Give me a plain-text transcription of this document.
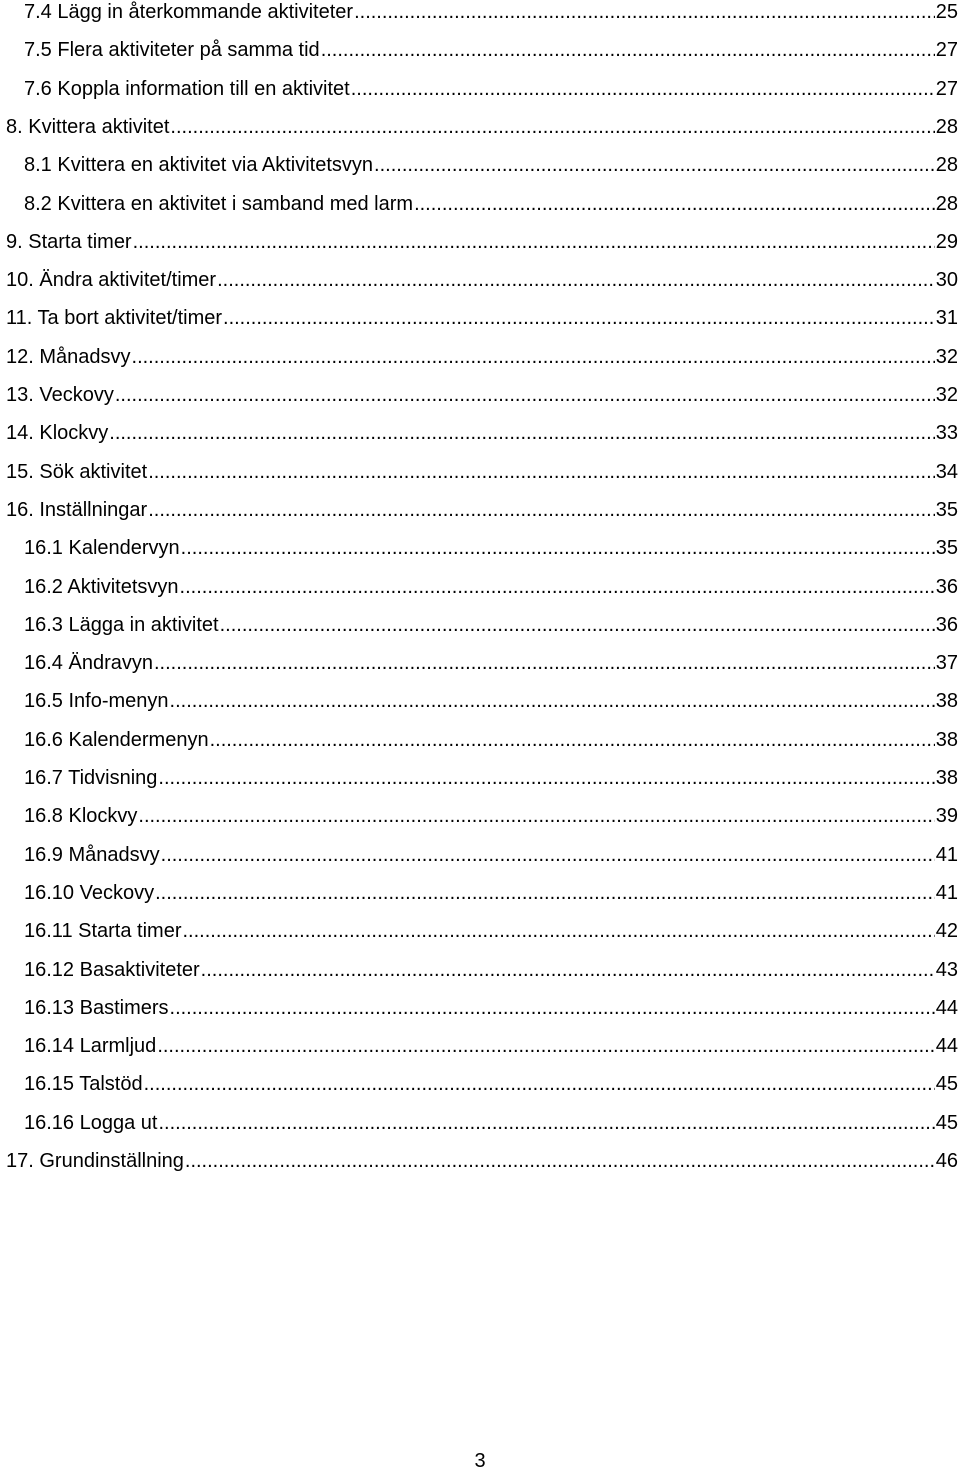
7.4 Lägg in återkommande aktiviteter .....	25
7.5 Flera aktiviteter på samma tid .....	27
7.6 Koppla information till en aktivitet .....	27
8. Kvittera aktivitet .....	28
8.1 Kvittera en aktivitet via Aktivitetsvyn .....	28
8.2 Kvittera en aktivitet i samband med larm .....	28
9. Starta timer .....	29
10. Ändra aktivitet/timer .....	30
11. Ta bort aktivitet/timer .....	31
12. Månadsvy .....	32
13. Veckovy .....	32
14. Klockvy .....	33
15. Sök aktivitet .....	34
16. Inställningar .....	35
16.1 Kalendervyn .....	35
16.2 Aktivitetsvyn .....	36
16.3 Lägga in aktivitet .....	36
16.4 Ändravyn .....	37
16.5 Info-menyn .....	38
16.6 Kalendermenyn .....	38
16.7 Tidvisning .....	38
16.8 Klockvy .....	39
16.9 Månadsvy .....	41
16.10 Veckovy .....	41
16.11 Starta timer .....	42
16.12 Basaktiviteter .....	43
16.13 Bastimers .....	44
16.14 Larmljud .....	44
16.15 Talstöd .....	45
16.16 Logga ut .....	45
17. Grundinställning .....	46
3
